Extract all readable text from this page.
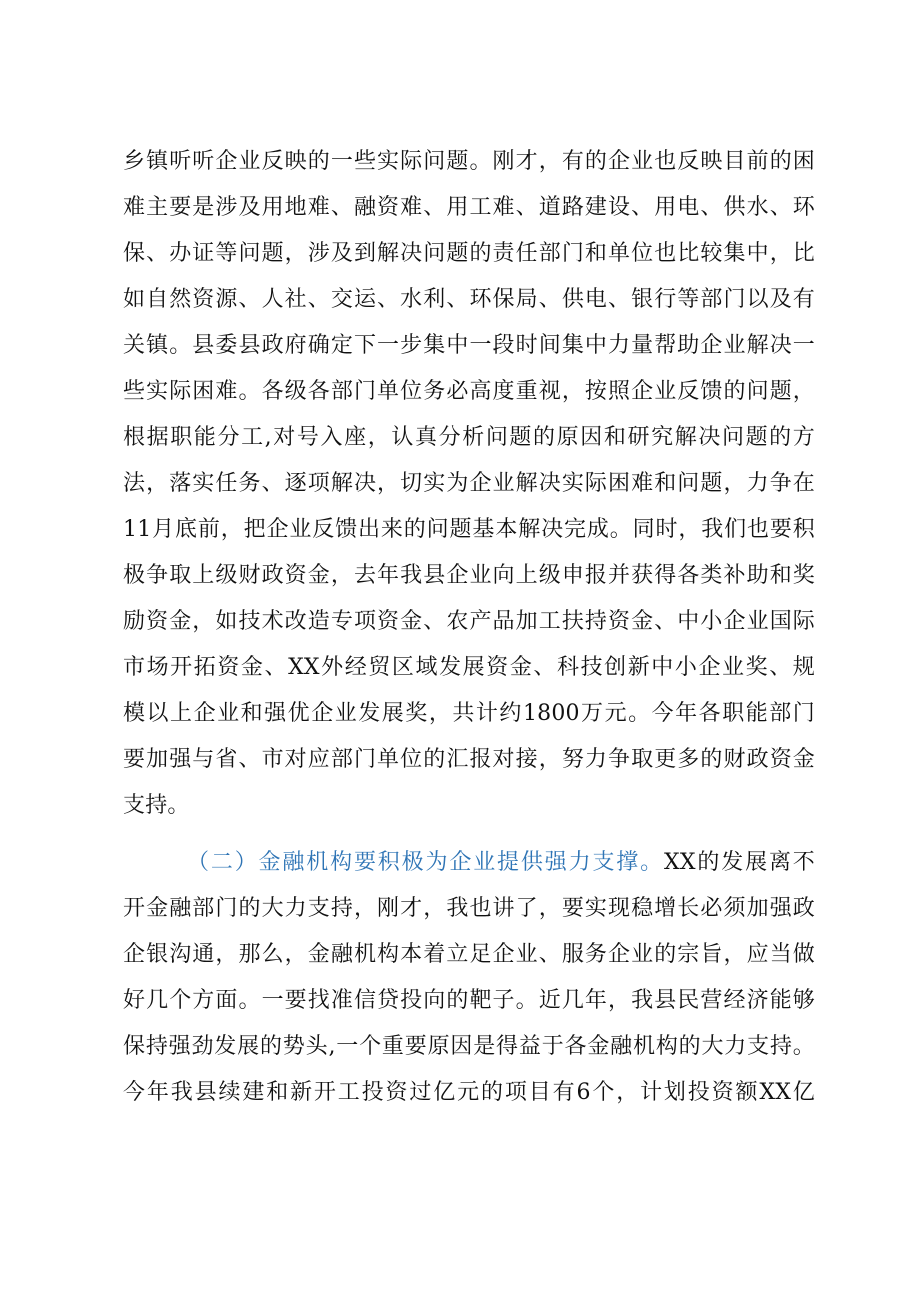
乡镇听听企业反映的一些实际问题。刚才，有的企业也反映目前的困
难主要是涉及用地难、融资难、用工难、道路建设、用电、供水、环
保、办证等问题，涉及到解决问题的责任部门和单位也比较集中，比
如自然资源、人社、交运、水利、环保局、供电、银行等部门以及有
关镇。县委县政府确定下一步集中一段时间集中力量帮助企业解决一
些实际困难。各级各部门单位务必高度重视，按照企业反馈的问题，
根据职能分工,对号入座，认真分析问题的原因和研究解决问题的方
法，落实任务、逐项解决，切实为企业解决实际困难和问题，力争在
11月底前，把企业反馈出来的问题基本解决完成。同时，我们也要积
极争取上级财政资金，去年我县企业向上级申报并获得各类补助和奖
励资金，如技术改造专项资金、农产品加工扶持资金、中小企业国际
市场开拓资金、XX外经贸区域发展资金、科技创新中小企业奖、规
模以上企业和强优企业发展奖，共计约1800万元。今年各职能部门
要加强与省、市对应部门单位的汇报对接，努力争取更多的财政资金
支持。
（二）金融机构要积极为企业提供强力支撑。XX的发展离不
开金融部门的大力支持，刚才，我也讲了，要实现稳增长必须加强政
企银沟通，那么，金融机构本着立足企业、服务企业的宗旨，应当做
好几个方面。一要找准信贷投向的靶子。近几年，我县民营经济能够
保持强劲发展的势头,一个重要原因是得益于各金融机构的大力支持。
今年我县续建和新开工投资过亿元的项目有6个，计划投资额XX亿
